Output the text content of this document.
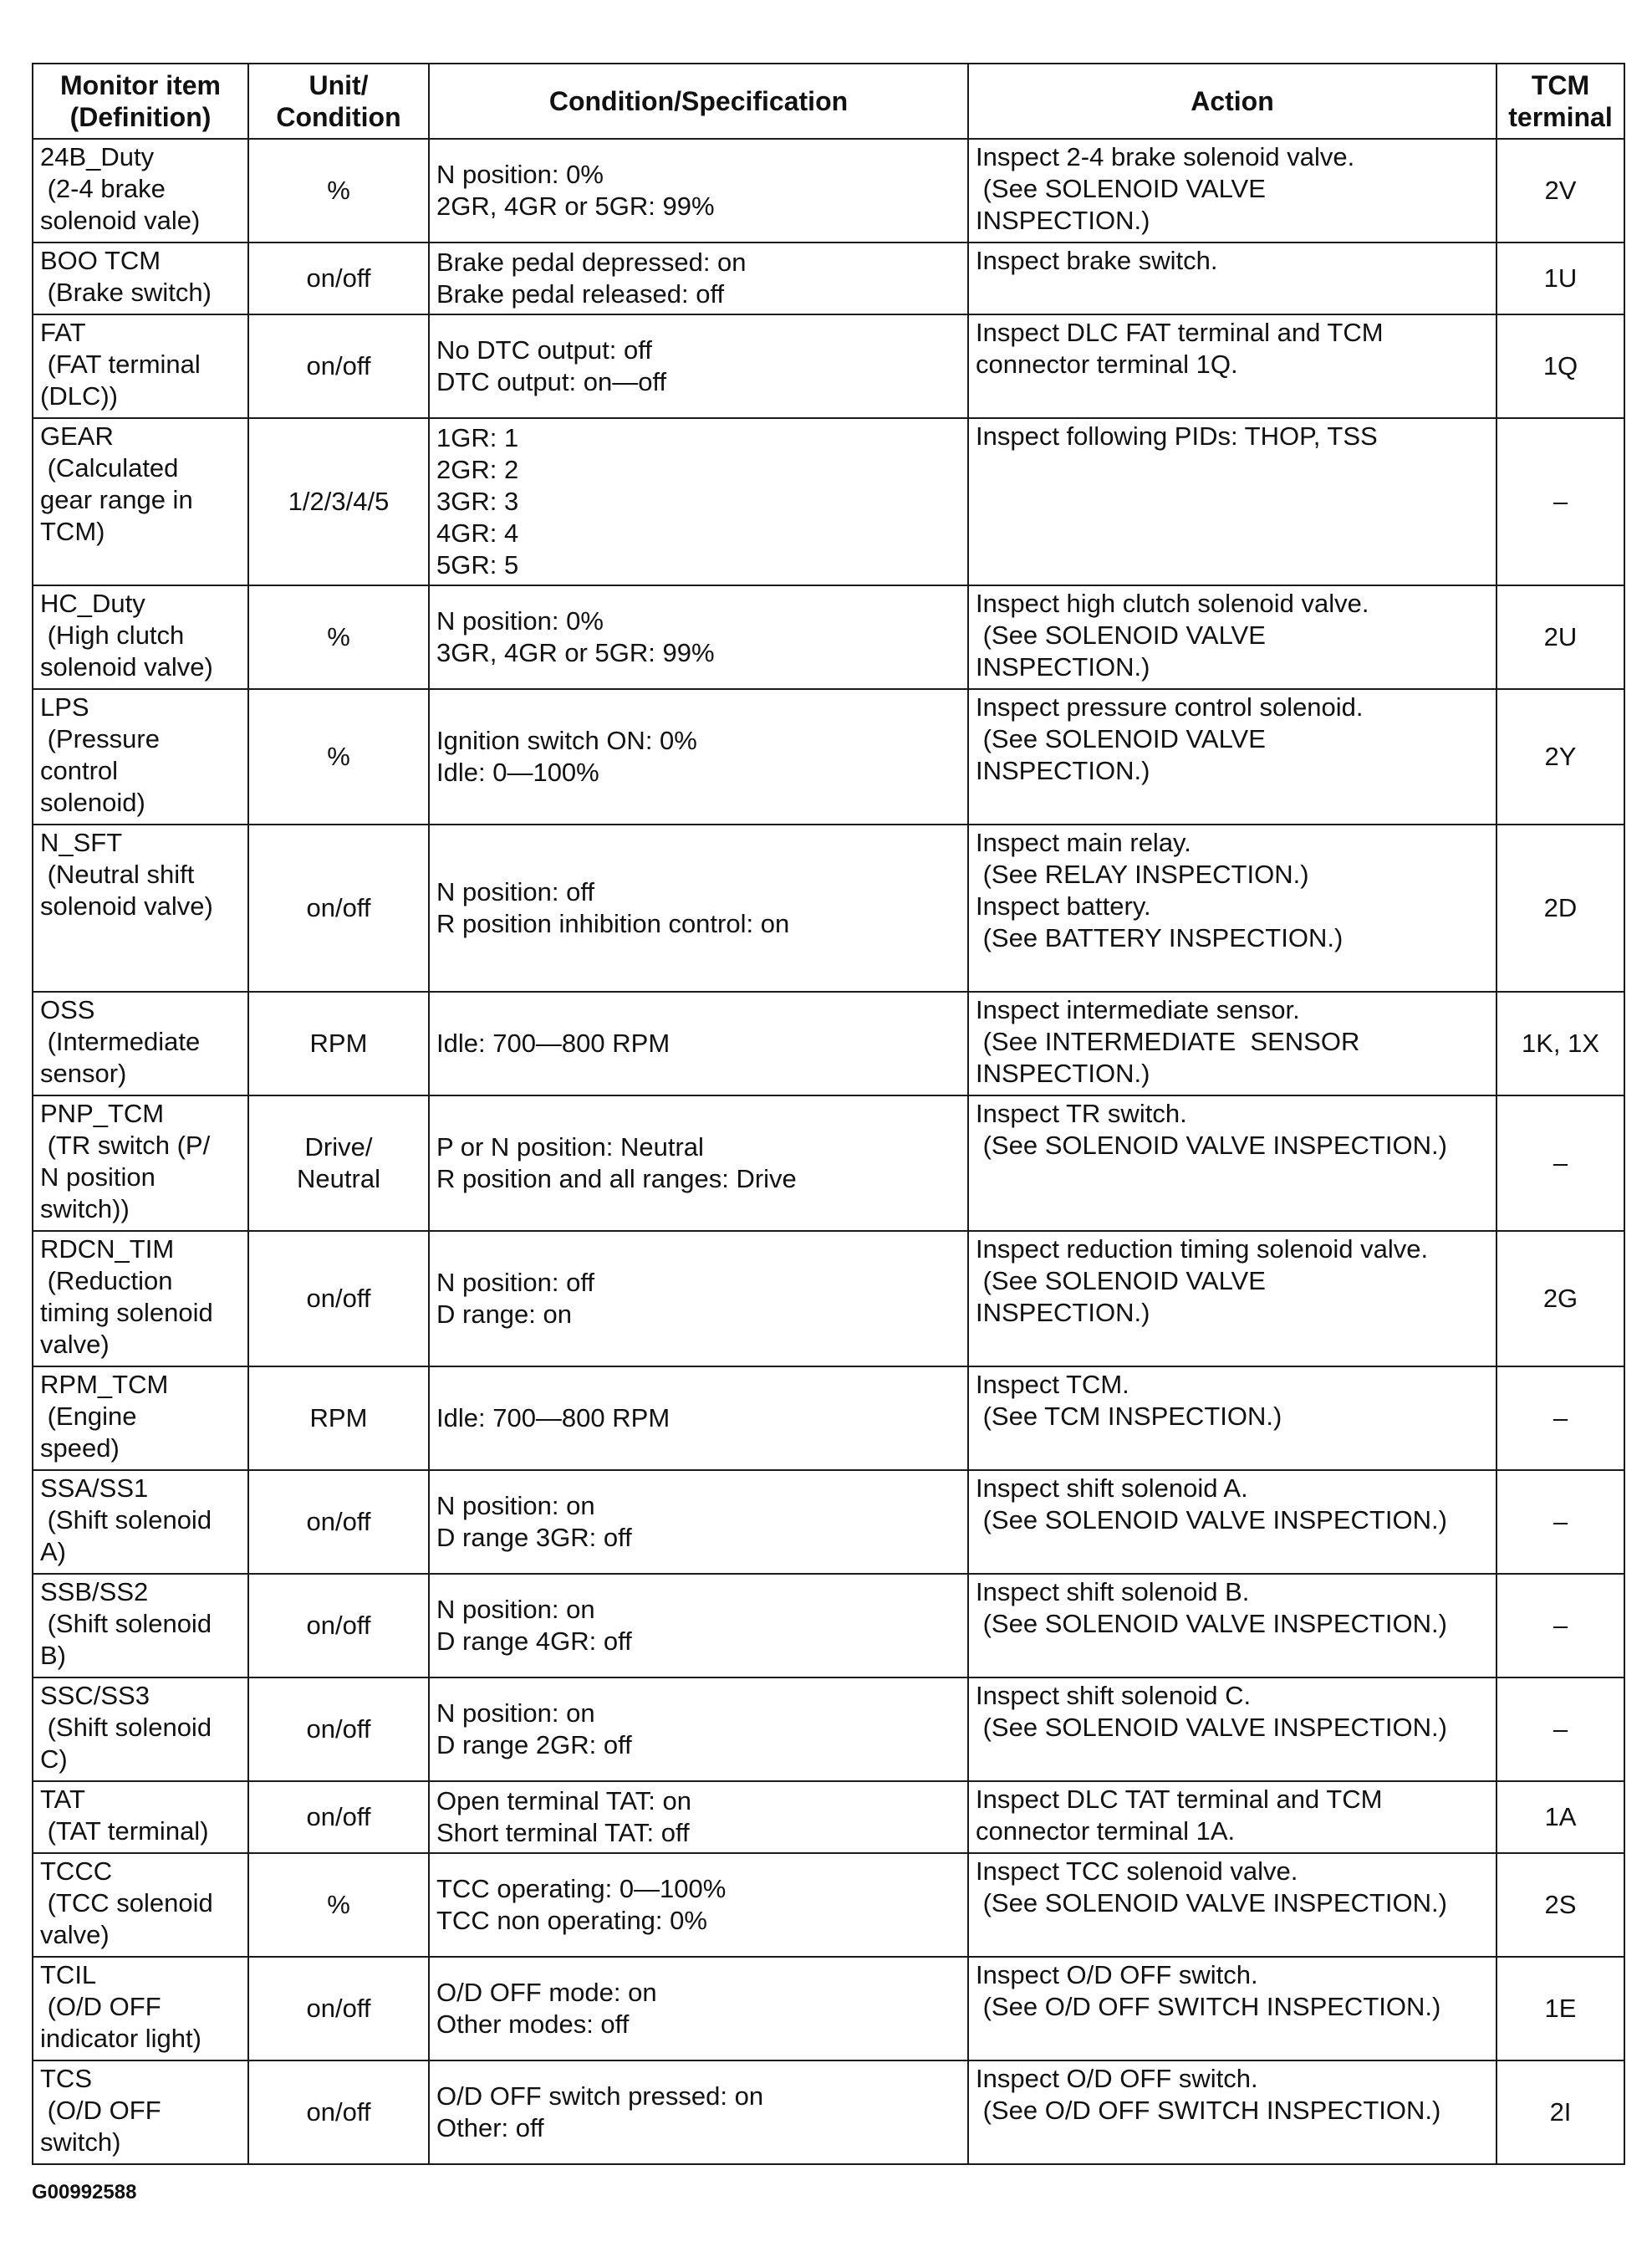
Monitor item
(Definition)	Unit/
Condition	Condition/Specification	Action	TCM
terminal

24B_Duty
(2-4 brake
solenoid vale)	%	N position: 0%
2GR, 4GR or 5GR: 99%	Inspect 2-4 brake solenoid valve.
(See SOLENOID VALVE
INSPECTION.)	2V

BOO TCM
(Brake switch)	on/off	Brake pedal depressed: on
Brake pedal released: off	Inspect brake switch.	1U

FAT
(FAT terminal
(DLC))	on/off	No DTC output: off
DTC output: on—off	Inspect DLC FAT terminal and TCM
connector terminal 1Q.	1Q

GEAR
(Calculated
gear range in
TCM)	1/2/3/4/5	1GR: 1
2GR: 2
3GR: 3
4GR: 4
5GR: 5	Inspect following PIDs: THOP, TSS	–

HC_Duty
(High clutch
solenoid valve)	%	N position: 0%
3GR, 4GR or 5GR: 99%	Inspect high clutch solenoid valve.
(See SOLENOID VALVE
INSPECTION.)	2U

LPS
(Pressure
control
solenoid)	%	Ignition switch ON: 0%
Idle: 0—100%	Inspect pressure control solenoid.
(See SOLENOID VALVE
INSPECTION.)	2Y

N_SFT
(Neutral shift
solenoid valve)	on/off	N position: off
R position inhibition control: on	Inspect main relay.
(See RELAY INSPECTION.)
Inspect battery.
(See BATTERY INSPECTION.)	2D

OSS
(Intermediate
sensor)	RPM	Idle: 700—800 RPM	Inspect intermediate sensor.
(See INTERMEDIATE  SENSOR
INSPECTION.)	1K, 1X

PNP_TCM
(TR switch (P/
N position
switch))	Drive/
Neutral	P or N position: Neutral
R position and all ranges: Drive	Inspect TR switch.
(See SOLENOID VALVE INSPECTION.)	–

RDCN_TIM
(Reduction
timing solenoid
valve)	on/off	N position: off
D range: on	Inspect reduction timing solenoid valve.
(See SOLENOID VALVE
INSPECTION.)	2G

RPM_TCM
(Engine
speed)	RPM	Idle: 700—800 RPM	Inspect TCM.
(See TCM INSPECTION.)	–

SSA/SS1
(Shift solenoid
A)	on/off	N position: on
D range 3GR: off	Inspect shift solenoid A.
(See SOLENOID VALVE INSPECTION.)	–

SSB/SS2
(Shift solenoid
B)	on/off	N position: on
D range 4GR: off	Inspect shift solenoid B.
(See SOLENOID VALVE INSPECTION.)	–

SSC/SS3
(Shift solenoid
C)	on/off	N position: on
D range 2GR: off	Inspect shift solenoid C.
(See SOLENOID VALVE INSPECTION.)	–

TAT
(TAT terminal)	on/off	Open terminal TAT: on
Short terminal TAT: off	Inspect DLC TAT terminal and TCM
connector terminal 1A.	1A

TCCC
(TCC solenoid
valve)	%	TCC operating: 0—100%
TCC non operating: 0%	Inspect TCC solenoid valve.
(See SOLENOID VALVE INSPECTION.)	2S

TCIL
(O/D OFF
indicator light)	on/off	O/D OFF mode: on
Other modes: off	Inspect O/D OFF switch.
(See O/D OFF SWITCH INSPECTION.)	1E

TCS
(O/D OFF
switch)	on/off	O/D OFF switch pressed: on
Other: off	Inspect O/D OFF switch.
(See O/D OFF SWITCH INSPECTION.)	2I
G00992588
